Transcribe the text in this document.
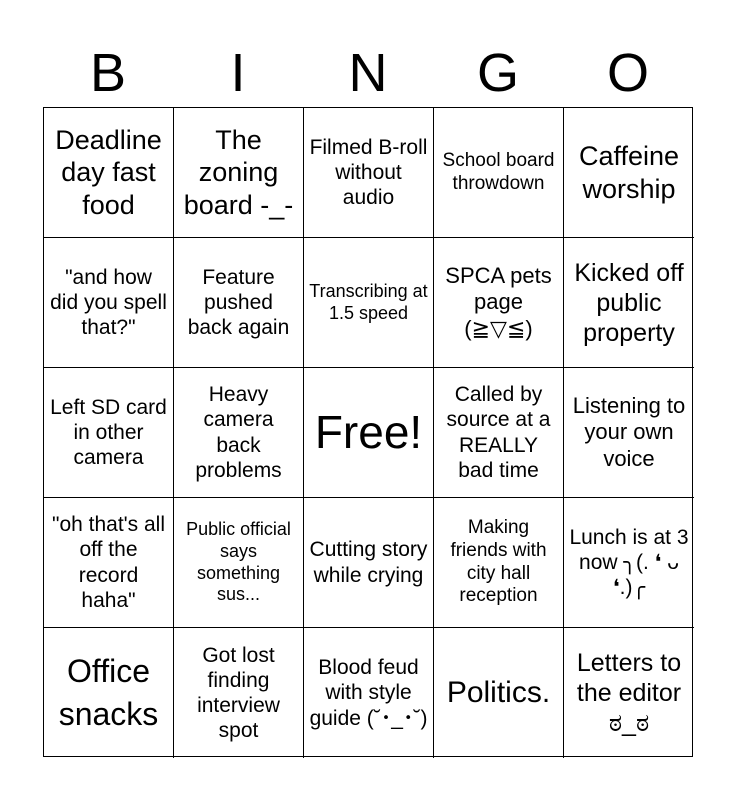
B	I	N	G	O
Deadline day fast food
The zoning board -_-
Filmed B-roll without audio
School board throwdown
Caffeine worship
"and how did you spell that?"
Feature pushed back again
Transcribing at 1.5 speed
SPCA pets page (≧▽≦)
Kicked off public property
Left SD card in other camera
Heavy camera back problems
Free!
Called by source at a REALLY bad time
Listening to your own voice
"oh that's all off the record haha"
Public official says something sus...
Cutting story while crying
Making friends with city hall reception
Lunch is at 3 now ╮(. ❛ ᴗ ❛.)╭
Office snacks
Got lost finding interview spot
Blood feud with style guide (˘･_･˘)
Politics.
Letters to the editor ಠ_ಠ
